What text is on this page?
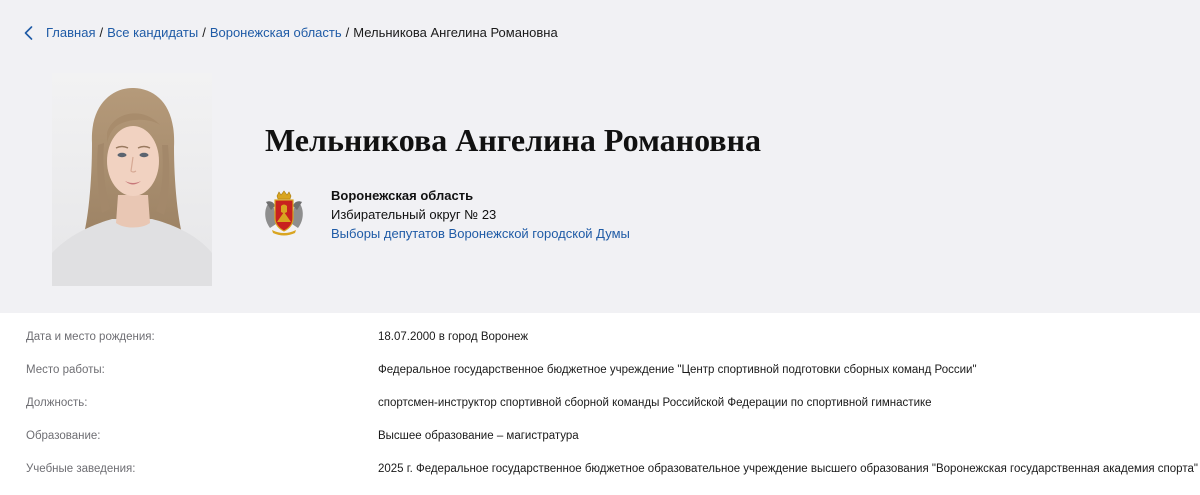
Главная / Все кандидаты / Воронежская область / Мельникова Ангелина Романовна
Мельникова Ангелина Романовна
Воронежская область
Избирательный округ № 23
Выборы депутатов Воронежской городской Думы
Дата и место рождения:	18.07.2000 в город Воронеж
Место работы:	Федеральное государственное бюджетное учреждение "Центр спортивной подготовки сборных команд России"
Должность:	спортсмен-инструктор спортивной сборной команды Российской Федерации по спортивной гимнастике
Образование:	Высшее образование – магистратура
Учебные заведения:	2025 г. Федеральное государственное бюджетное образовательное учреждение высшего образования "Воронежская государственная академия спорта"
